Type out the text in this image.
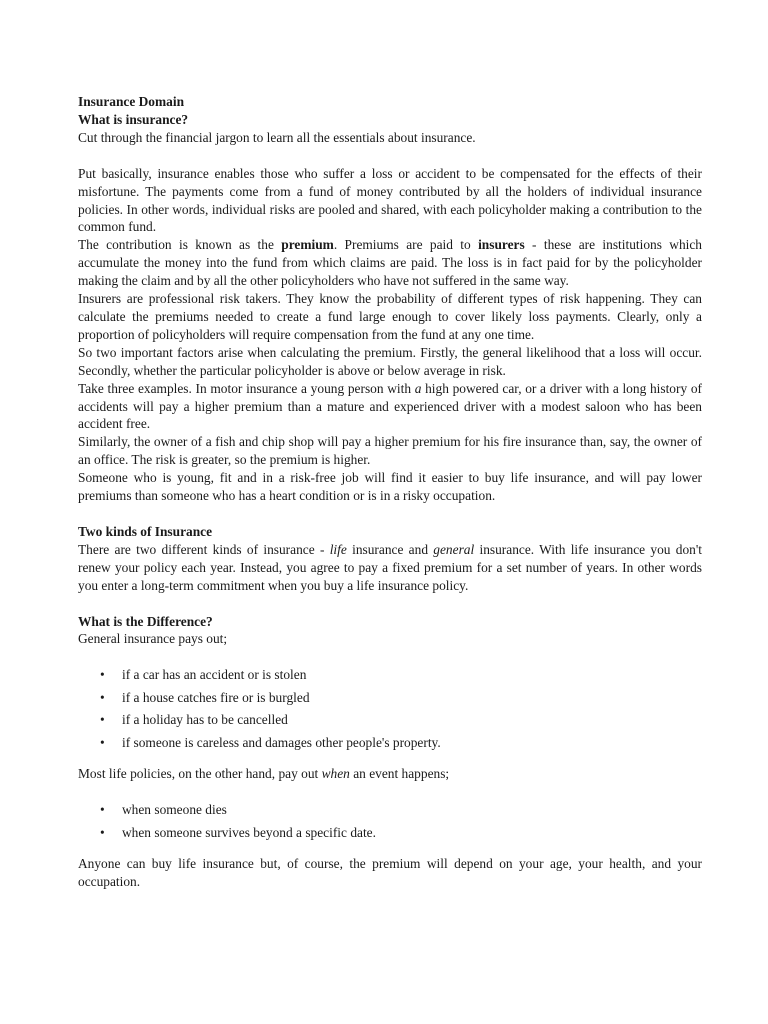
Insurance Domain
What is insurance?

Cut through the financial jargon to learn all the essentials about insurance.

Put basically, insurance enables those who suffer a loss or accident to be compensated for the effects of their misfortune. The payments come from a fund of money contributed by all the holders of individual insurance policies. In other words, individual risks are pooled and shared, with each policyholder making a contribution to the common fund.

The contribution is known as the premium. Premiums are paid to insurers - these are institutions which accumulate the money into the fund from which claims are paid. The loss is in fact paid for by the policyholder making the claim and by all the other policyholders who have not suffered in the same way.

Insurers are professional risk takers. They know the probability of different types of risk happening. They can calculate the premiums needed to create a fund large enough to cover likely loss payments. Clearly, only a proportion of policyholders will require compensation from the fund at any one time.

So two important factors arise when calculating the premium. Firstly, the general likelihood that a loss will occur. Secondly, whether the particular policyholder is above or below average in risk.

Take three examples. In motor insurance a young person with a high powered car, or a driver with a long history of accidents will pay a higher premium than a mature and experienced driver with a modest saloon who has been accident free.

Similarly, the owner of a fish and chip shop will pay a higher premium for his fire insurance than, say, the owner of an office. The risk is greater, so the premium is higher.

Someone who is young, fit and in a risk-free job will find it easier to buy life insurance, and will pay lower premiums than someone who has a heart condition or is in a risky occupation.

Two kinds of Insurance

There are two different kinds of insurance - life insurance and general insurance. With life insurance you don't renew your policy each year. Instead, you agree to pay a fixed premium for a set number of years. In other words you enter a long-term commitment when you buy a life insurance policy.

What is the Difference?

General insurance pays out;

• if a car has an accident or is stolen
• if a house catches fire or is burgled
• if a holiday has to be cancelled
• if someone is careless and damages other people's property.

Most life policies, on the other hand, pay out when an event happens;

• when someone dies
• when someone survives beyond a specific date.

Anyone can buy life insurance but, of course, the premium will depend on your age, your health, and your occupation.
